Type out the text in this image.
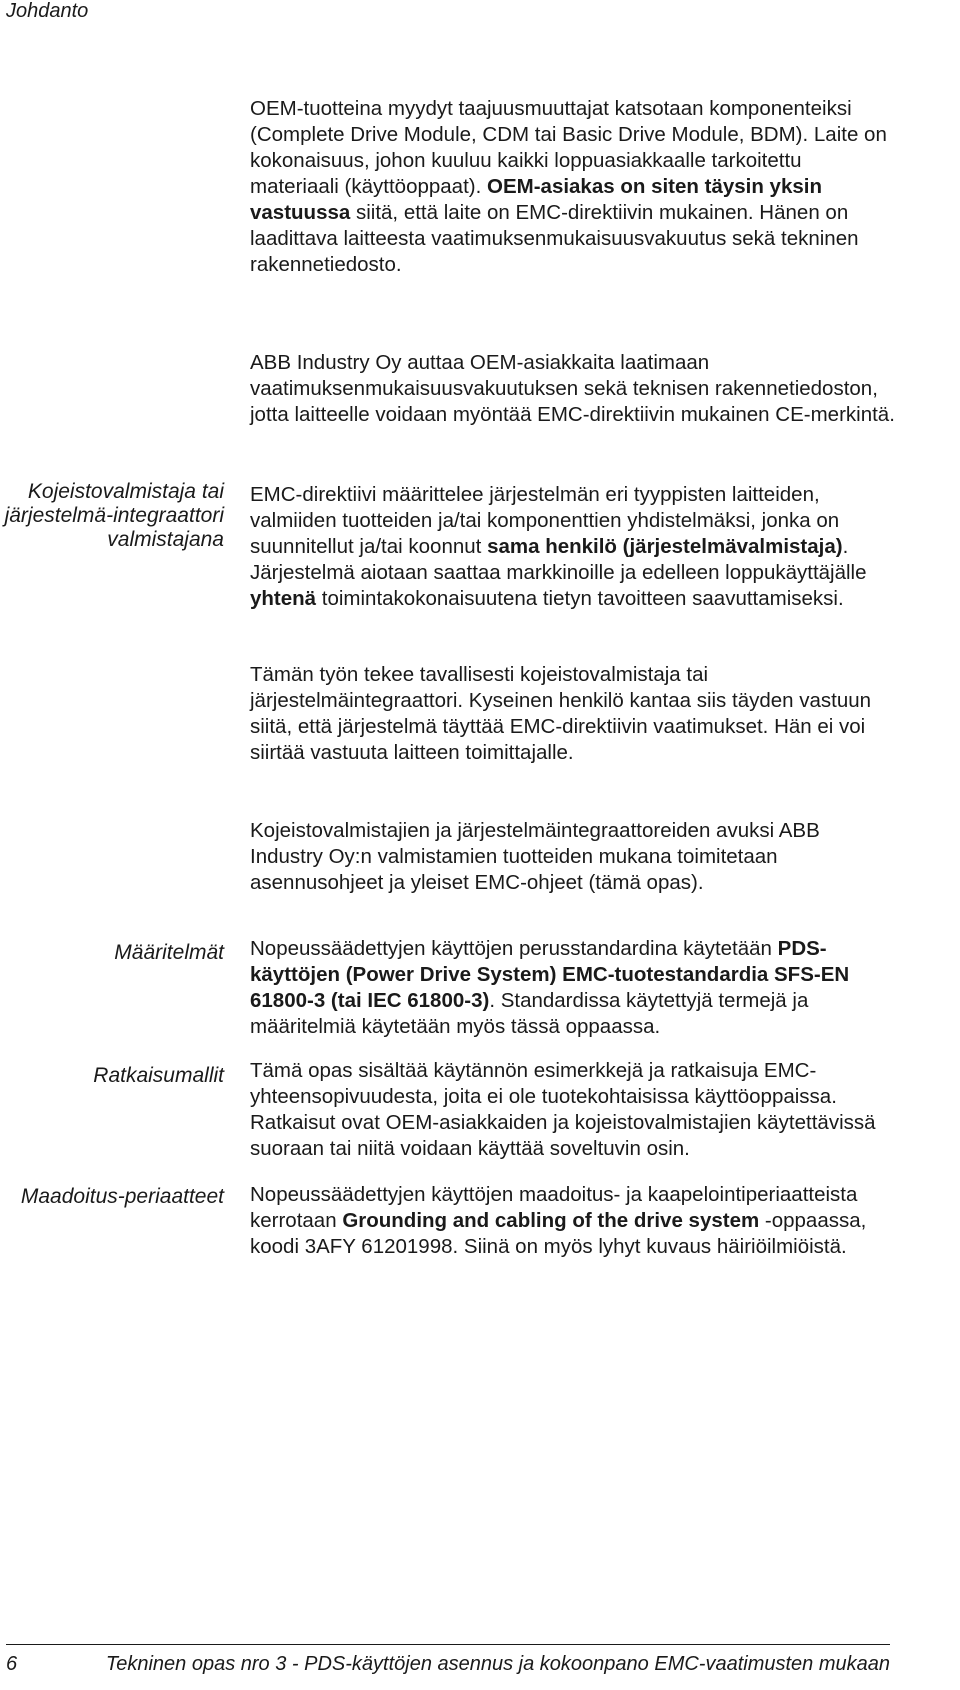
Johdanto
OEM-tuotteina myydyt taajuusmuuttajat katsotaan komponenteiksi (Complete Drive Module, CDM tai Basic Drive Module, BDM). Laite on kokonaisuus, johon kuuluu kaikki loppuasiakkaalle tarkoitettu materiaali (käyttöoppaat). OEM-asiakas on siten täysin yksin vastuussa siitä, että laite on EMC-direktiivin mukainen. Hänen on laadittava laitteesta vaatimuksenmukaisuusvakuutus sekä tekninen rakennetiedosto.
ABB Industry Oy auttaa OEM-asiakkaita laatimaan vaatimuksenmukaisuusvakuutuksen sekä teknisen rakennetiedoston, jotta laitteelle voidaan myöntää EMC-direktiivin mukainen CE-merkintä.
Kojeistovalmistaja tai järjestelmä-integraattori valmistajana
EMC-direktiivi määrittelee järjestelmän eri tyyppisten laitteiden, valmiiden tuotteiden ja/tai komponenttien yhdistelmäksi, jonka on suunnitellut ja/tai koonnut sama henkilö (järjestelmävalmistaja). Järjestelmä aiotaan saattaa markkinoille ja edelleen loppukäyttäjälle yhtenä toimintakokonaisuutena tietyn tavoitteen saavuttamiseksi.
Tämän työn tekee tavallisesti kojeistovalmistaja tai järjestelmäintegraattori. Kyseinen henkilö kantaa siis täyden vastuun siitä, että järjestelmä täyttää EMC-direktiivin vaatimukset. Hän ei voi siirtää vastuuta laitteen toimittajalle.
Kojeistovalmistajien ja järjestelmäintegraattoreiden avuksi ABB Industry Oy:n valmistamien tuotteiden mukana toimitetaan asennusohjeet ja yleiset EMC-ohjeet (tämä opas).
Määritelmät Nopeussäädettyjen käyttöjen perusstandardina käytetään PDS-käyttöjen (Power Drive System) EMC-tuotestandardia SFS-EN 61800-3 (tai IEC 61800-3). Standardissa käytettyjä termejä ja määritelmiä käytetään myös tässä oppaassa.
Ratkaisumallit Tämä opas sisältää käytännön esimerkkejä ja ratkaisuja EMC-yhteensopivuudesta, joita ei ole tuotekohtaisissa käyttöoppaissa. Ratkaisut ovat OEM-asiakkaiden ja kojeistovalmistajien käytettävissä suoraan tai niitä voidaan käyttää soveltuvin osin.
Maadoitus-periaatteet Nopeussäädettyjen käyttöjen maadoitus- ja kaapelointiperiaatteista kerrotaan Grounding and cabling of the drive system -oppaassa, koodi 3AFY 61201998. Siinä on myös lyhyt kuvaus häiriöilmiöistä.
6	Tekninen opas nro 3 - PDS-käyttöjen asennus ja kokoonpano EMC-vaatimusten mukaan
